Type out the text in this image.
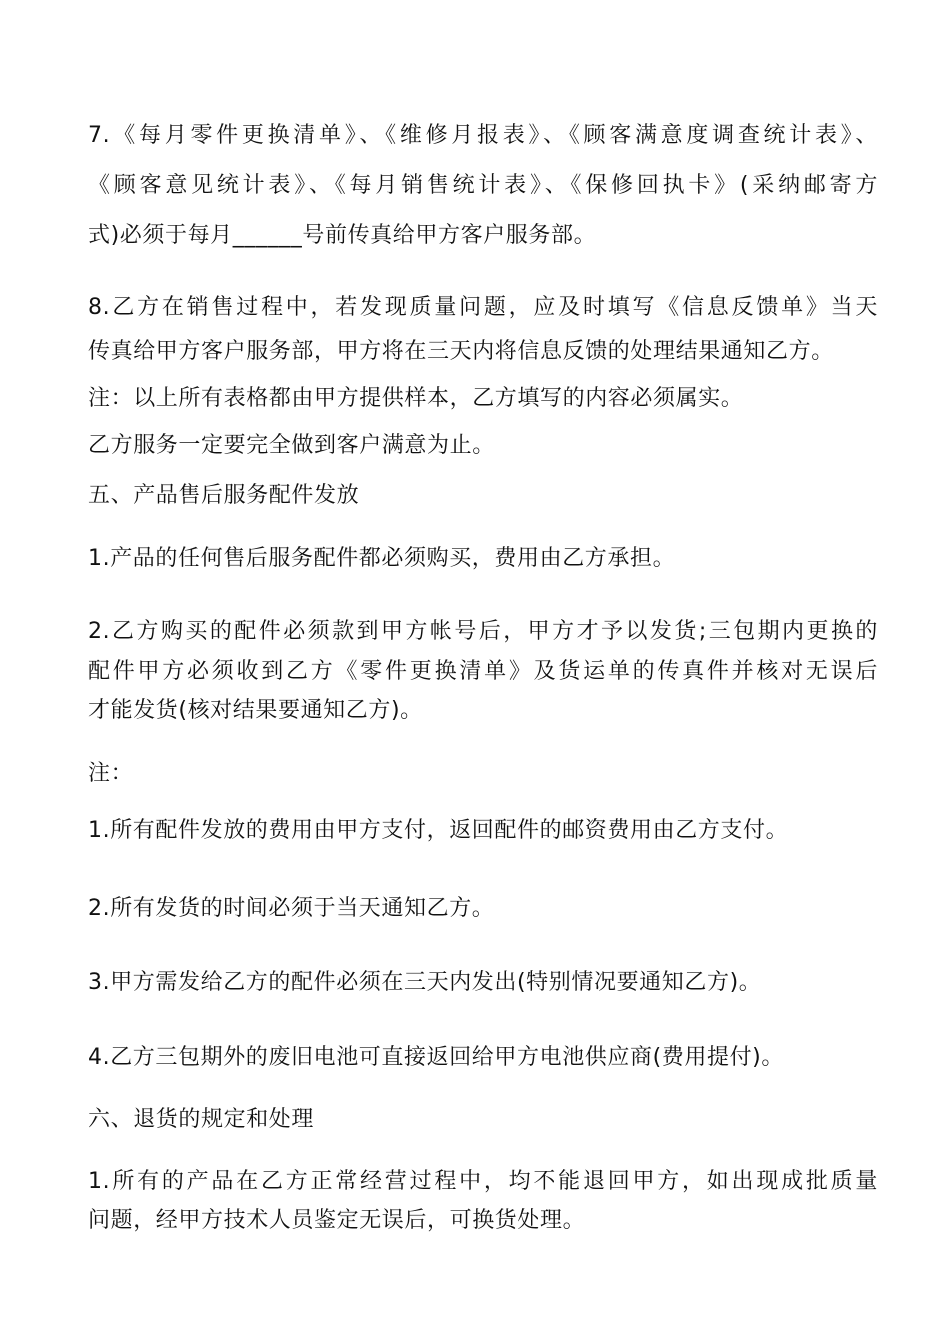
7.《每月零件更换清单》、《维修月报表》、《顾客满意度调查统计表》、
《顾客意见统计表》、《每月销售统计表》、《保修回执卡》(采纳邮寄方
式)必须于每月______号前传真给甲方客户服务部。
8.乙方在销售过程中，若发现质量问题，应及时填写《信息反馈单》当天
传真给甲方客户服务部，甲方将在三天内将信息反馈的处理结果通知乙方。
注：以上所有表格都由甲方提供样本，乙方填写的内容必须属实。
乙方服务一定要完全做到客户满意为止。
五、产品售后服务配件发放
1.产品的任何售后服务配件都必须购买，费用由乙方承担。
2.乙方购买的配件必须款到甲方帐号后，甲方才予以发货;三包期内更换的
配件甲方必须收到乙方《零件更换清单》及货运单的传真件并核对无误后
才能发货(核对结果要通知乙方)。
注：
1.所有配件发放的费用由甲方支付，返回配件的邮资费用由乙方支付。
2.所有发货的时间必须于当天通知乙方。
3.甲方需发给乙方的配件必须在三天内发出(特别情况要通知乙方)。
4.乙方三包期外的废旧电池可直接返回给甲方电池供应商(费用提付)。
六、退货的规定和处理
1.所有的产品在乙方正常经营过程中，均不能退回甲方，如出现成批质量
问题，经甲方技术人员鉴定无误后，可换货处理。
